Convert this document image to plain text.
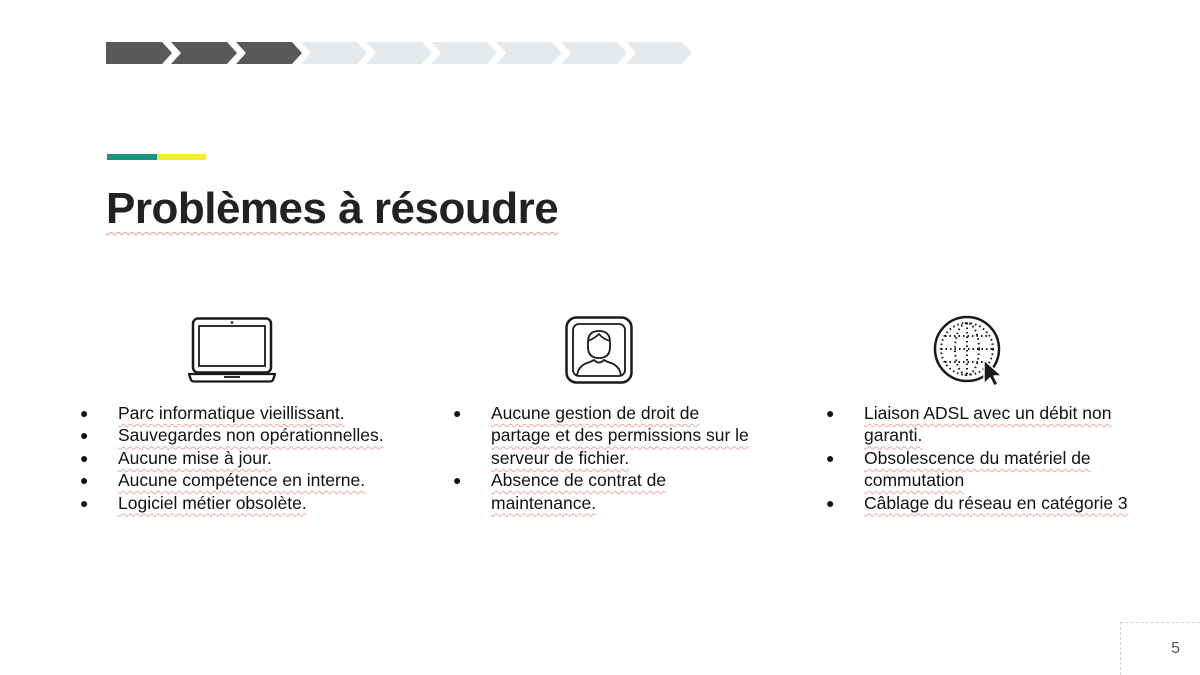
Problèmes à résoudre
● Parc informatique vieillissant.
● Sauvegardes non opérationnelles.
● Aucune mise à jour.
● Aucune compétence en interne.
● Logiciel métier obsolète.
● Aucune gestion de droit de partage et des permissions sur le serveur de fichier.
● Absence de contrat de maintenance.
● Liaison ADSL avec un débit non garanti.
● Obsolescence du matériel de commutation
● Câblage du réseau en catégorie 3
5
